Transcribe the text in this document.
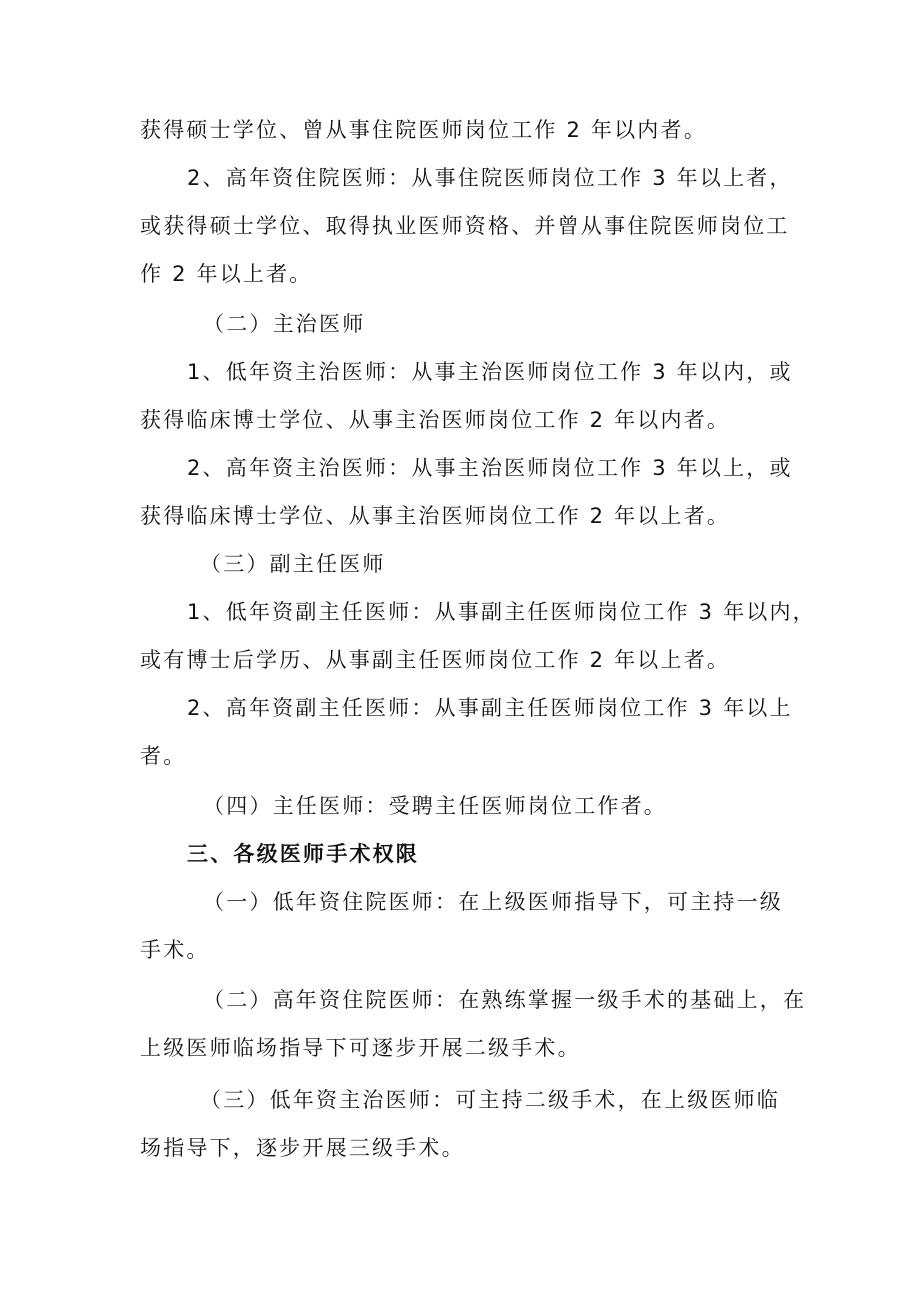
获得硕士学位、曾从事住院医师岗位工作 2 年以内者。
2、高年资住院医师：从事住院医师岗位工作 3 年以上者，
或获得硕士学位、取得执业医师资格、并曾从事住院医师岗位工
作 2 年以上者。
（二）主治医师
1、低年资主治医师：从事主治医师岗位工作 3 年以内，或
获得临床博士学位、从事主治医师岗位工作 2 年以内者。
2、高年资主治医师：从事主治医师岗位工作 3 年以上，或
获得临床博士学位、从事主治医师岗位工作 2 年以上者。
（三）副主任医师
1、低年资副主任医师：从事副主任医师岗位工作 3 年以内，
或有博士后学历、从事副主任医师岗位工作 2 年以上者。
2、高年资副主任医师：从事副主任医师岗位工作 3 年以上
者。
（四）主任医师：受聘主任医师岗位工作者。
三、各级医师手术权限
（一）低年资住院医师：在上级医师指导下，可主持一级
手术。
（二）高年资住院医师：在熟练掌握一级手术的基础上，在
上级医师临场指导下可逐步开展二级手术。
（三）低年资主治医师：可主持二级手术，在上级医师临
场指导下，逐步开展三级手术。
